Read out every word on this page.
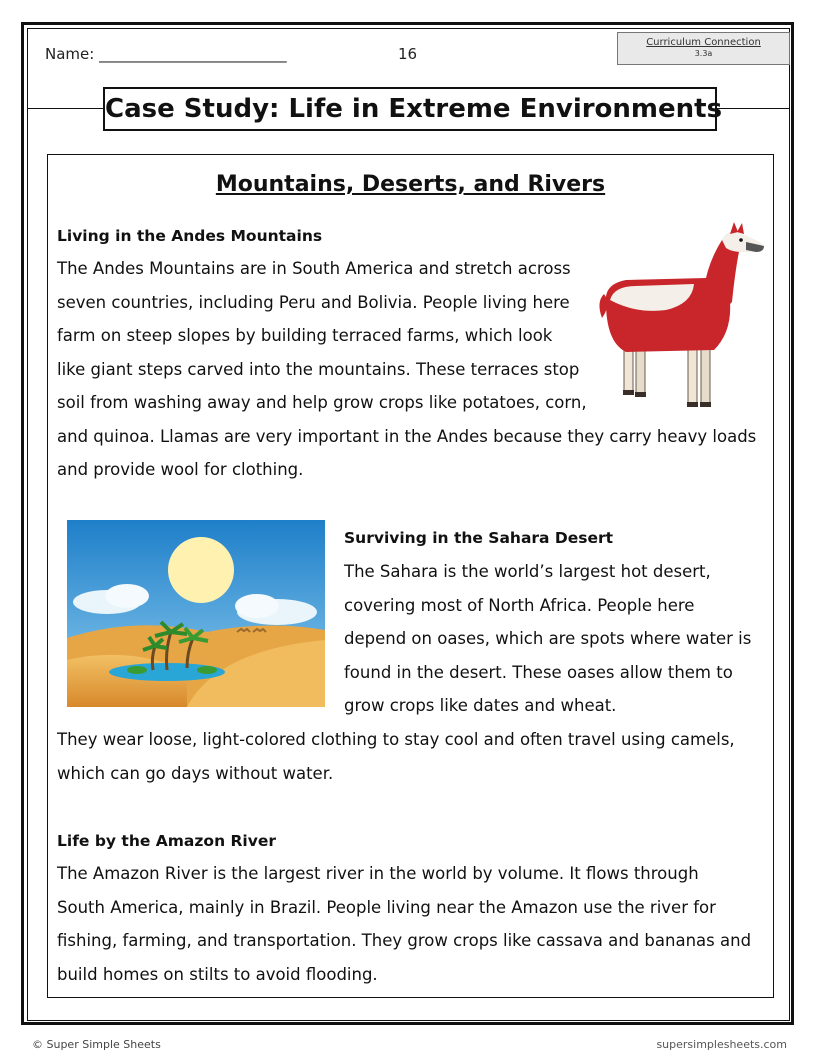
Name: _________________________	16
Curriculum Connection
3.3a
Case Study: Life in Extreme Environments
Mountains, Deserts, and Rivers
Living in the Andes Mountains
The Andes Mountains are in South America and stretch across
seven countries, including Peru and Bolivia. People living here
farm on steep slopes by building terraced farms, which look
like giant steps carved into the mountains. These terraces stop
soil from washing away and help grow crops like potatoes, corn,
and quinoa. Llamas are very important in the Andes because they carry heavy loads
and provide wool for clothing.
Surviving in the Sahara Desert
The Sahara is the world’s largest hot desert,
covering most of North Africa. People here
depend on oases, which are spots where water is
found in the desert. These oases allow them to
grow crops like dates and wheat.
They wear loose, light-colored clothing to stay cool and often travel using camels,
which can go days without water.
Life by the Amazon River
The Amazon River is the largest river in the world by volume. It flows through
South America, mainly in Brazil. People living near the Amazon use the river for
fishing, farming, and transportation. They grow crops like cassava and bananas and
build homes on stilts to avoid flooding.
© Super Simple Sheets	supersimplesheets.com
